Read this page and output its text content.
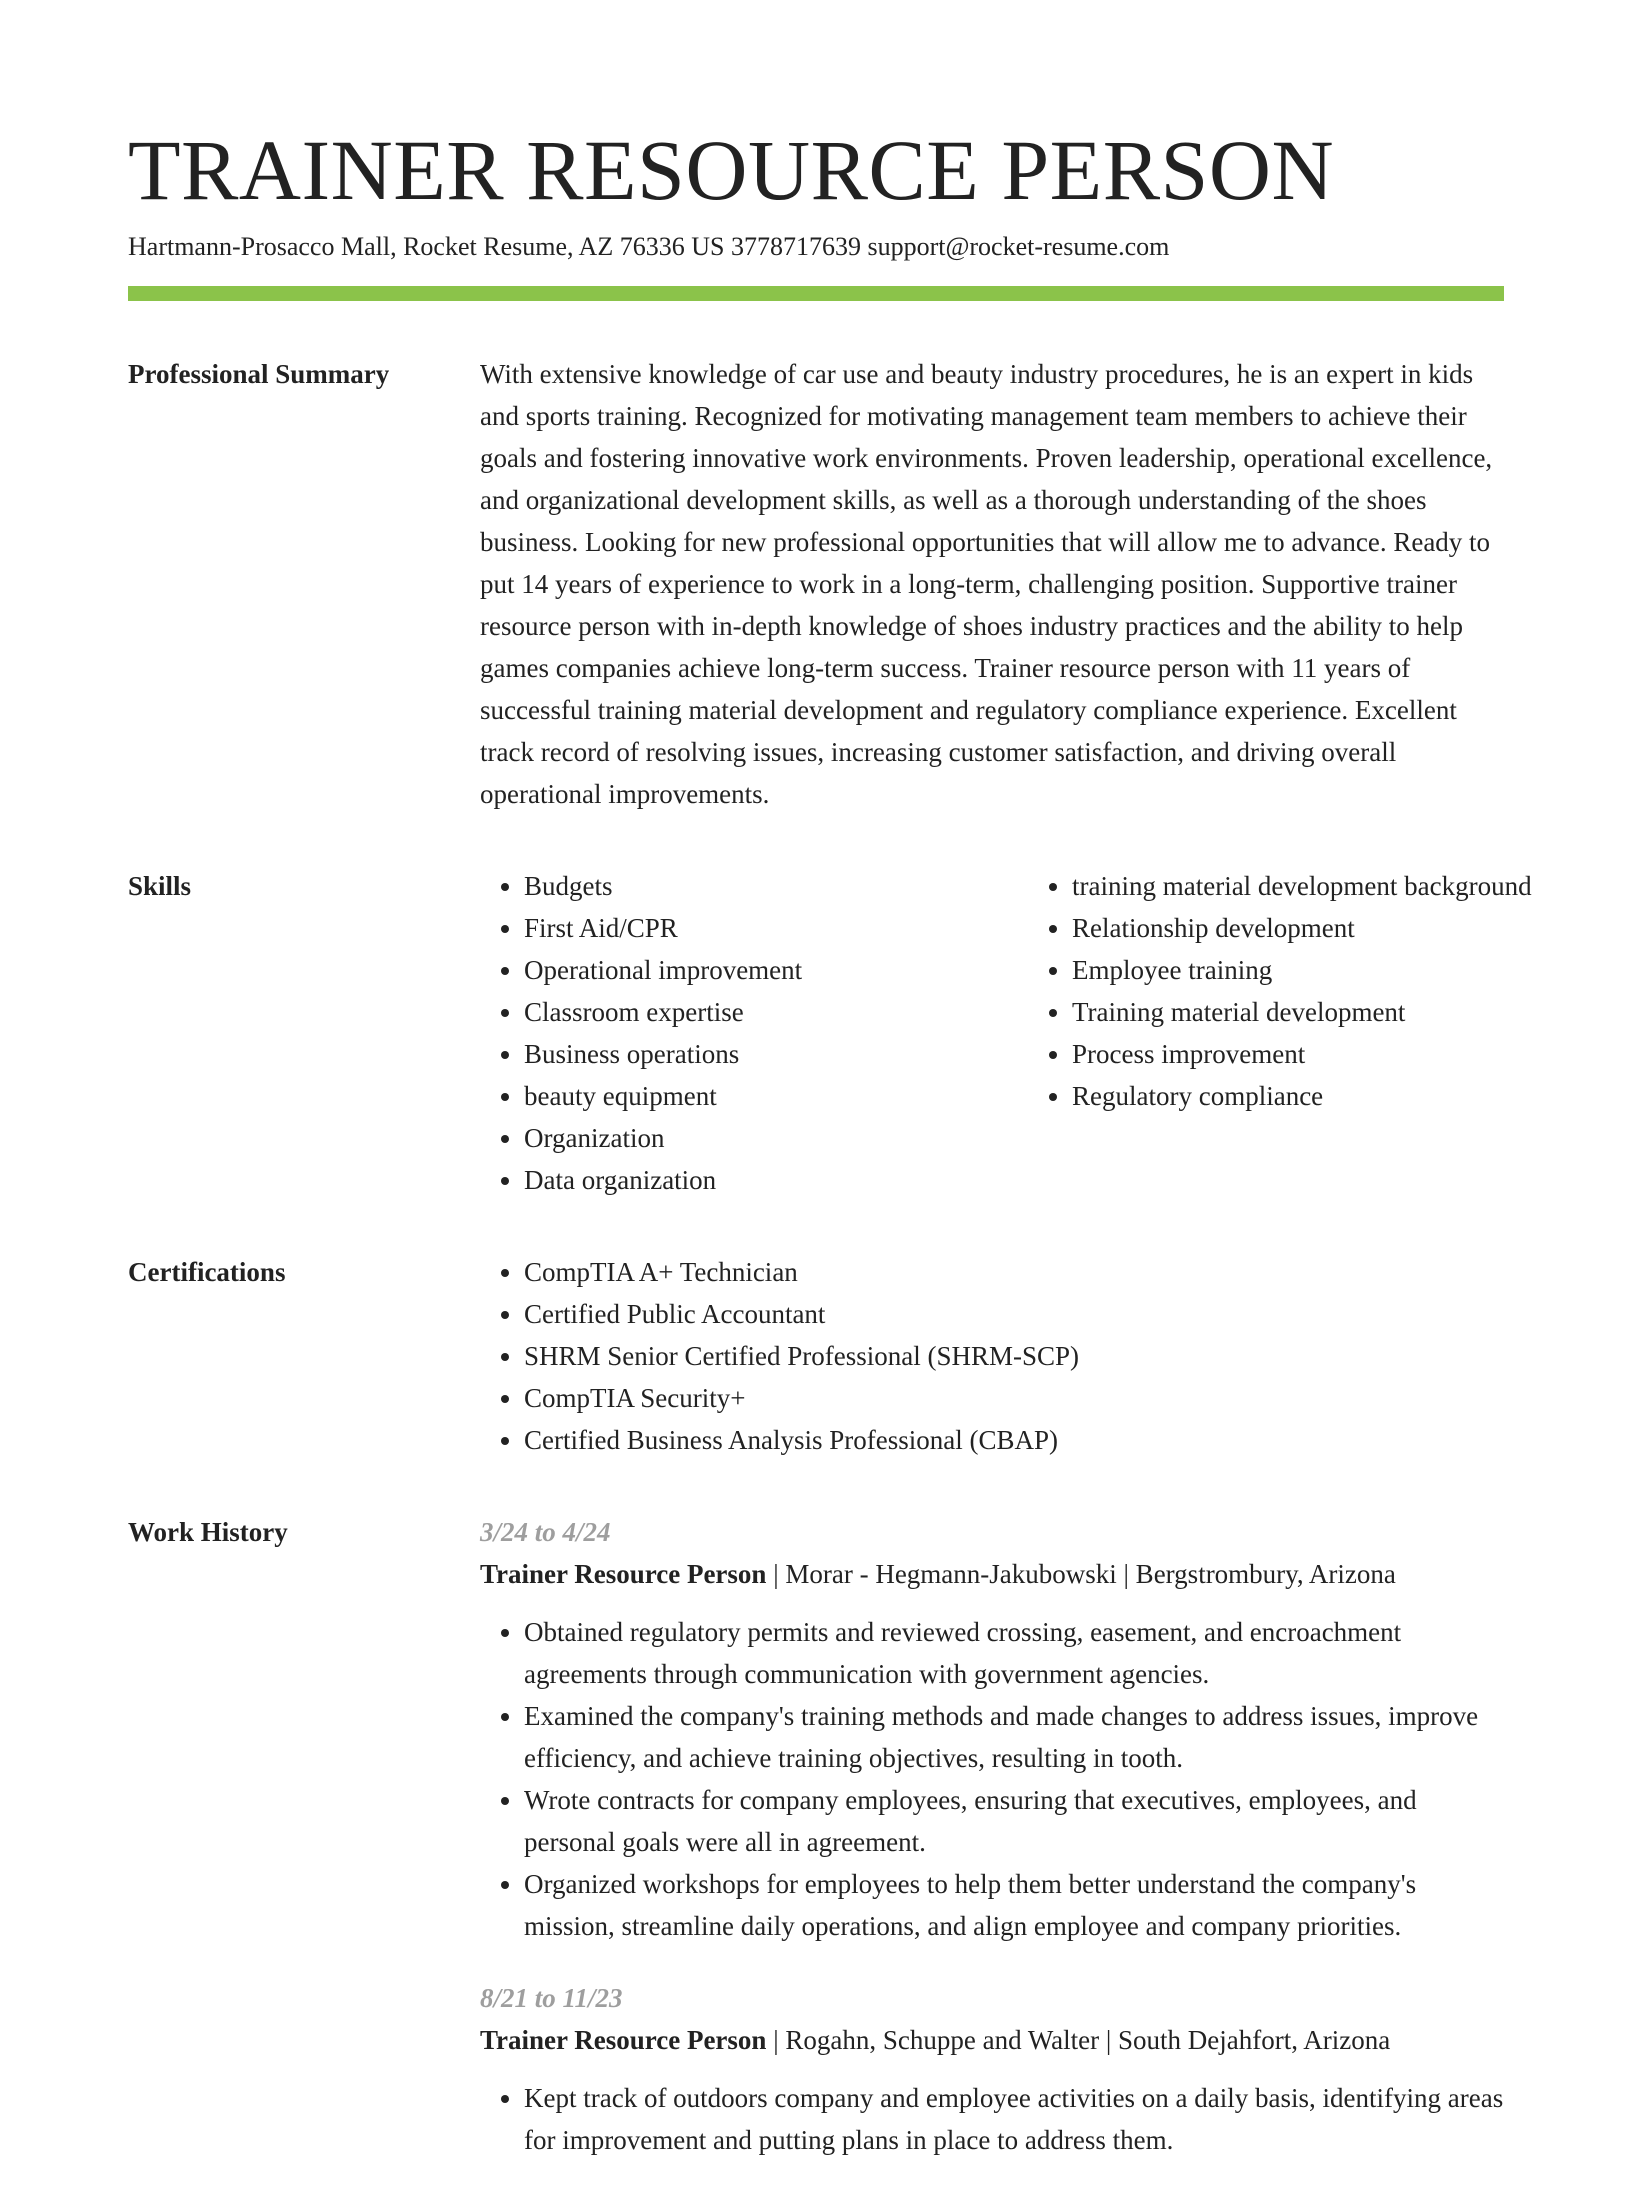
TRAINER RESOURCE PERSON
Hartmann-Prosacco Mall, Rocket Resume, AZ 76336 US 3778717639 support@rocket-resume.com
Professional Summary	With extensive knowledge of car use and beauty industry procedures, he is an expert in kids and sports training. Recognized for motivating management team members to achieve their goals and fostering innovative work environments. Proven leadership, operational excellence, and organizational development skills, as well as a thorough understanding of the shoes business. Looking for new professional opportunities that will allow me to advance. Ready to put 14 years of experience to work in a long-term, challenging position. Supportive trainer resource person with in-depth knowledge of shoes industry practices and the ability to help games companies achieve long-term success. Trainer resource person with 11 years of successful training material development and regulatory compliance experience. Excellent track record of resolving issues, increasing customer satisfaction, and driving overall operational improvements.

Skills	• Budgets
• First Aid/CPR
• Operational improvement
• Classroom expertise
• Business operations
• beauty equipment
• Organization
• Data organization
• training material development background
• Relationship development
• Employee training
• Training material development
• Process improvement
• Regulatory compliance
Certifications	• CompTIA A+ Technician
• Certified Public Accountant
• SHRM Senior Certified Professional (SHRM-SCP)
• CompTIA Security+
• Certified Business Analysis Professional (CBAP)
Work History	3/24 to 4/24
Trainer Resource Person | Morar - Hegmann-Jakubowski | Bergstrombury, Arizona
• Obtained regulatory permits and reviewed crossing, easement, and encroachment agreements through communication with government agencies.
• Examined the company's training methods and made changes to address issues, improve efficiency, and achieve training objectives, resulting in tooth.
• Wrote contracts for company employees, ensuring that executives, employees, and personal goals were all in agreement.
• Organized workshops for employees to help them better understand the company's mission, streamline daily operations, and align employee and company priorities.
8/21 to 11/23
Trainer Resource Person | Rogahn, Schuppe and Walter | South Dejahfort, Arizona
• Kept track of outdoors company and employee activities on a daily basis, identifying areas for improvement and putting plans in place to address them.
